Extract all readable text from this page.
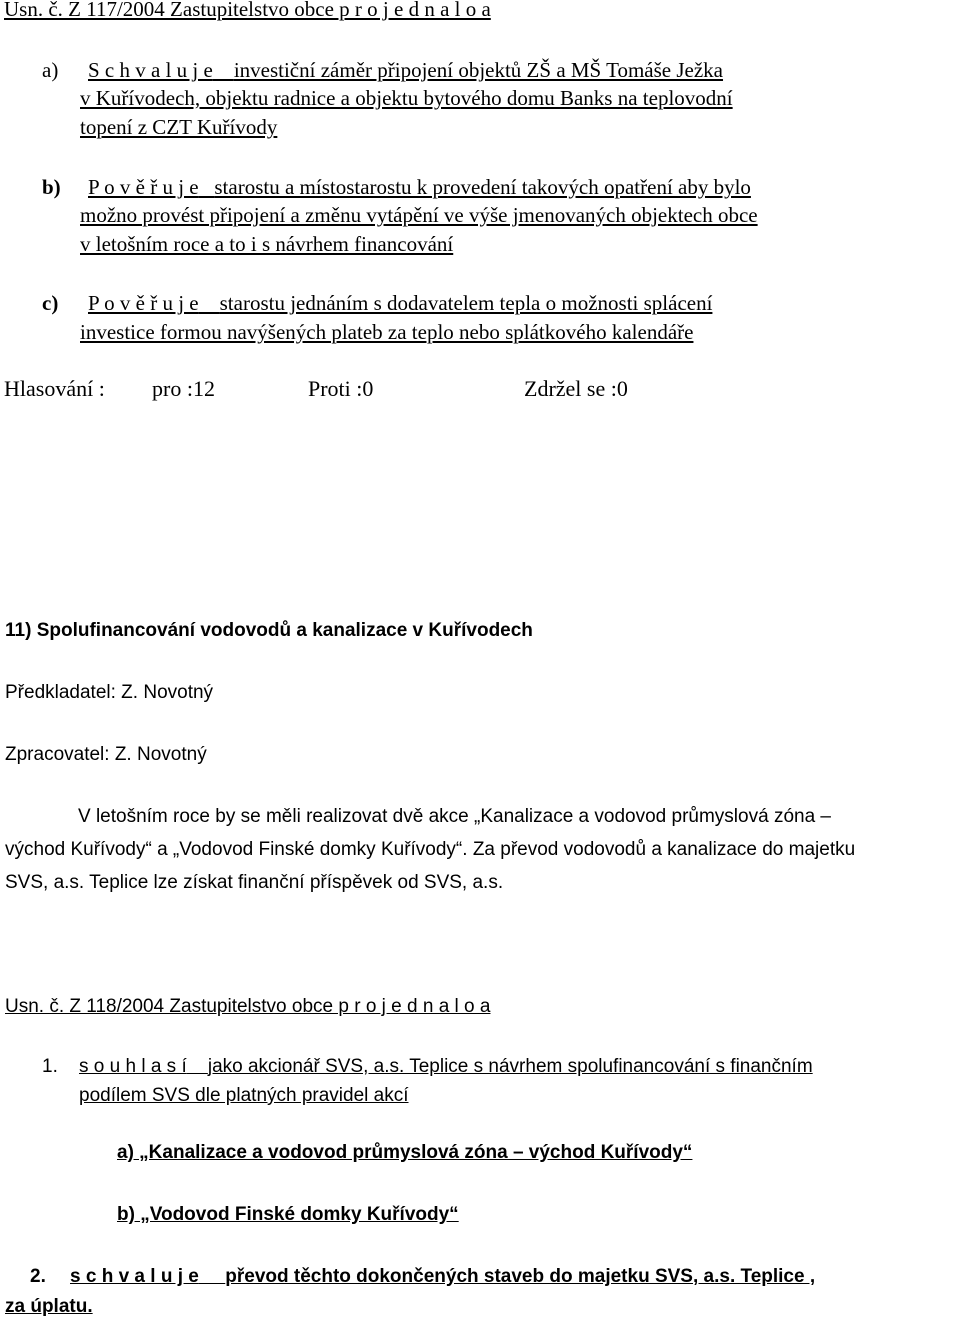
Usn. č. Z 117/2004 Zastupitelstvo obce p r o j e d n a l o a
a) S c h v a l u j e investiční záměr připojení objektů ZŠ a MŠ Tomáše Ježka
v Kuřívodech, objektu radnice a objektu bytového domu Banks na teplovodní
topení z CZT Kuřívody
b) P o v ě ř u j e starostu a místostarostu k provedení takových opatření aby bylo
možno provést připojení a změnu vytápění ve výše jmenovaných objektech obce
v letošním roce a to i s návrhem financování
c) P o v ě ř u j e starostu jednáním s dodavatelem tepla o možnosti splácení
investice formou navýšených plateb za teplo nebo splátkového kalendáře
Hlasování : pro :12	Proti :0	Zdržel se :0
11) Spolufinancování vodovodů a kanalizace v Kuřívodech
Předkladatel: Z. Novotný
Zpracovatel: Z. Novotný
V letošním roce by se měli realizovat dvě akce „Kanalizace a vodovod průmyslová zóna –
východ Kuřívody“ a „Vodovod Finské domky Kuřívody“. Za převod vodovodů a kanalizace do majetku
SVS, a.s. Teplice lze získat finanční příspěvek od SVS, a.s.
Usn. č. Z 118/2004 Zastupitelstvo obce p r o j e d n a l o a
1. s o u h l a s í jako akcionář SVS, a.s. Teplice s návrhem spolufinancování s finančním
podílem SVS dle platných pravidel akcí
a) „Kanalizace a vodovod průmyslová zóna – východ Kuřívody“
b) „Vodovod Finské domky Kuřívody“
2. s c h v a l u j e převod těchto dokončených staveb do majetku SVS, a.s. Teplice ,
za úplatu.
